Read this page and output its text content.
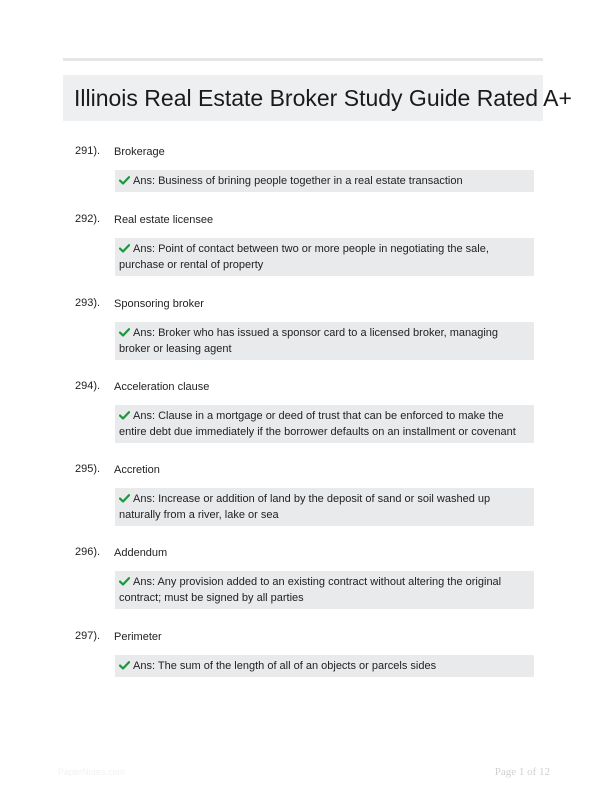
Illinois Real Estate Broker Study Guide Rated A+
291). Brokerage
Ans: Business of brining people together in a real estate transaction
292). Real estate licensee
Ans: Point of contact between two or more people in negotiating the sale, purchase or rental of property
293). Sponsoring broker
Ans: Broker who has issued a sponsor card to a licensed broker, managing broker or leasing agent
294). Acceleration clause
Ans: Clause in a mortgage or deed of trust that can be enforced to make the entire debt due immediately if the borrower defaults on an installment or covenant
295). Accretion
Ans: Increase or addition of land by the deposit of sand or soil washed up naturally from a river, lake or sea
296). Addendum
Ans: Any provision added to an existing contract without altering the original contract; must be signed by all parties
297). Perimeter
Ans: The sum of the length of all of an objects or parcels sides
PaperNotes.com	Page 1 of 12
